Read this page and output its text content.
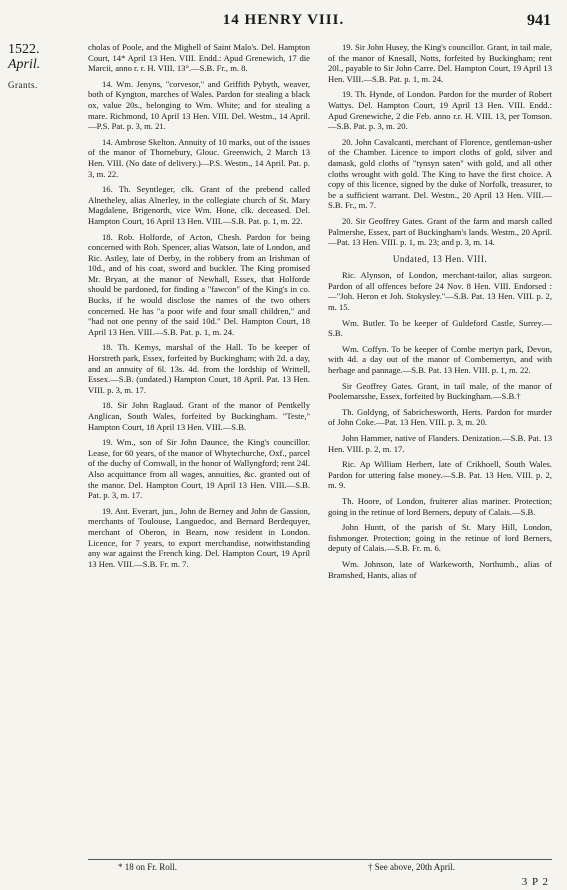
14 HENRY VIII.	941
1522.
April.
Grants.

cholas of Poole, and the Mighell of Saint Malo's. Del. Hampton Court, 14* April 13 Hen. VIII. Endd.: Apud Grenewich, 17 die Marcii, anno r. r. H. VIII. 13°.—S.B. Fr., m. 8.

14. Wm. Jenyns, "corvesor," and Griffith Pybyth, weaver, both of Kyngton, marches of Wales. Pardon for stealing a black ox, value 20s., belonging to Wm. White; and for stealing a mare. Richmond, 10 April 13 Hen. VIII. Del. Westm., 14 April.—P.S. Pat. p. 3, m. 21.

14. Ambrose Skelton. Annuity of 10 marks, out of the issues of the manor of Thornebury, Glouc. Greenwich, 2 March 13 Hen. VIII. (No date of delivery.)—P.S. Westm., 14 April. Pat. p. 3, m. 22.

16. Th. Seyntleger, clk. Grant of the prebend called Alnetheley, alias Alnerley, in the collegiate church of St. Mary Magdalene, Brigenorth, vice Wm. Hone, clk. deceased. Del. Hampton Court, 16 April 13 Hen. VIII.—S.B. Pat. p. 1, m. 22.

18. Rob. Holforde, of Acton, Chesh. Pardon for being concerned with Rob. Spencer, alias Watson, late of London, and Ric. Astley, late of Derby, in the robbery from an Irishman of 10d., and of his coat, sword and buckler. The King promised Mr. Bryan, at the manor of Newhall, Essex, that Holforde should be pardoned, for finding a "fawcon" of the King's in co. Bucks, if he would disclose the names of the two others concerned. He has "a poor wife and four small children," and "had not one penny of the said 10d." Del. Hampton Court, 18 April 13 Hen. VIII.—S.B. Pat. p. 1, m. 24.

18. Th. Kemys, marshal of the Hall. To be keeper of Horstreth park, Essex, forfeited by Buckingham; with 2d. a day, and an annuity of 6l. 13s. 4d. from the lordship of Writtell, Essex.—S.B. (undated.) Hampton Court, 18 April. Pat. 13 Hen. VIII. p. 3, m. 17.

18. Sir John Raglaud. Grant of the manor of Pentkelly Anglican, South Wales, forfeited by Buckingham. "Teste," Hampton Court, 18 April 13 Hen. VIII.—S.B.

19. Wm., son of Sir John Daunce, the King's councillor. Lease, for 60 years, of the manor of Whytechurche, Oxf., parcel of the duchy of Cornwall, in the honor of Wallyngford; rent 24l. Also acquittance from all wages, annuities, &c. granted out of the manor. Del. Hampton Court, 19 April 13 Hen. VIII.—S.B. Pat. p. 3, m. 17.

19. Ant. Everart, jun., John de Berney and John de Gassion, merchants of Toulouse, Languedoc, and Bernard Berdequyer, merchant of Oberon, in Bearn, now resident in London. Licence, for 7 years, to export merchandise, notwithstanding any war against the French king. Del. Hampton Court, 19 April 13 Hen. VIII.—S.B. Fr. m. 7.

19. Sir John Husey, the King's councillor. Grant, in tail male, of the manor of Knesall, Notts, forfeited by Buckingham; rent 20l., payable to Sir John Carre. Del. Hampton Court, 19 April 13 Hen. VIII.—S.B. Pat. p. 1, m. 24.

19. Th. Hynde, of London. Pardon for the murder of Robert Wattys. Del. Hampton Court, 19 April 13 Hen. VIII. Endd.: Apud Grenewiche, 2 die Feb. anno r.r. H. VIII. 13, per Tomson.—S.B. Pat. p. 3, m. 20.

20. John Cavalcanti, merchant of Florence, gentleman-usher of the Chamber. Licence to import cloths of gold, silver and damask, gold cloths of "tynsyn saten" with gold, and all other cloths wrought with gold. The King to have the first choice. A copy of this licence, signed by the duke of Norfolk, treasurer, to be a sufficient warrant. Del. Westm., 20 April 13 Hen. VIII.—S.B. Fr., m. 7.

20. Sir Geoffrey Gates. Grant of the farm and marsh called Palmershe, Essex, part of Buckingham's lands. Westm., 20 April.—Pat. 13 Hen. VIII. p. 1, m. 23; and p. 3, m. 14.

Undated, 13 Hen. VIII.

Ric. Alynson, of London, merchant-tailor, alias surgeon. Pardon of all offences before 24 Nov. 8 Hen. VIII. Endorsed :—"Joh. Heron et Joh. Stokysley."—S.B. Pat. 13 Hen. VIII. p. 2, m. 15.

Wm. Butler. To be keeper of Guldeford Castle, Surrey.—S.B.

Wm. Coffyn. To be keeper of Combe mertyn park, Devon, with 4d. a day out of the manor of Combemertyn, and with herbage and pannage.—S.B. Pat. 13 Hen. VIII. p. 1, m. 22.

Sir Geoffrey Gates. Grant, in tail male, of the manor of Poolemarsshe, Essex, forfeited by Buckingham.—S.B.†

Th. Goldyng, of Sabrichesworth, Herts. Pardon for murder of John Coke.—Pat. 13 Hen. VIII. p. 3, m. 20.

John Hammer, native of Flanders. Denization.—S.B. Pat. 13 Hen. VIII. p. 2, m. 17.

Ric. Ap William Herbert, late of Crikhoell, South Wales. Pardon for uttering false money.—S.B. Pat. 13 Hen. VIII. p. 2, m. 9.

Th. Hoore, of London, fruiterer alias mariner. Protection; going in the retinue of lord Berners, deputy of Calais.—S.B.

John Huntt, of the parish of St. Mary Hill, London, fishmonger. Protection; going in the retinue of lord Berners, deputy of Calais.—S.B. Fr. m. 6.

Wm. Johnson, late of Warkeworth, Northumb., alias of Bramshed, Hants, alias of

* 18 on Fr. Roll.	† See above, 20th April.
3 P 2
